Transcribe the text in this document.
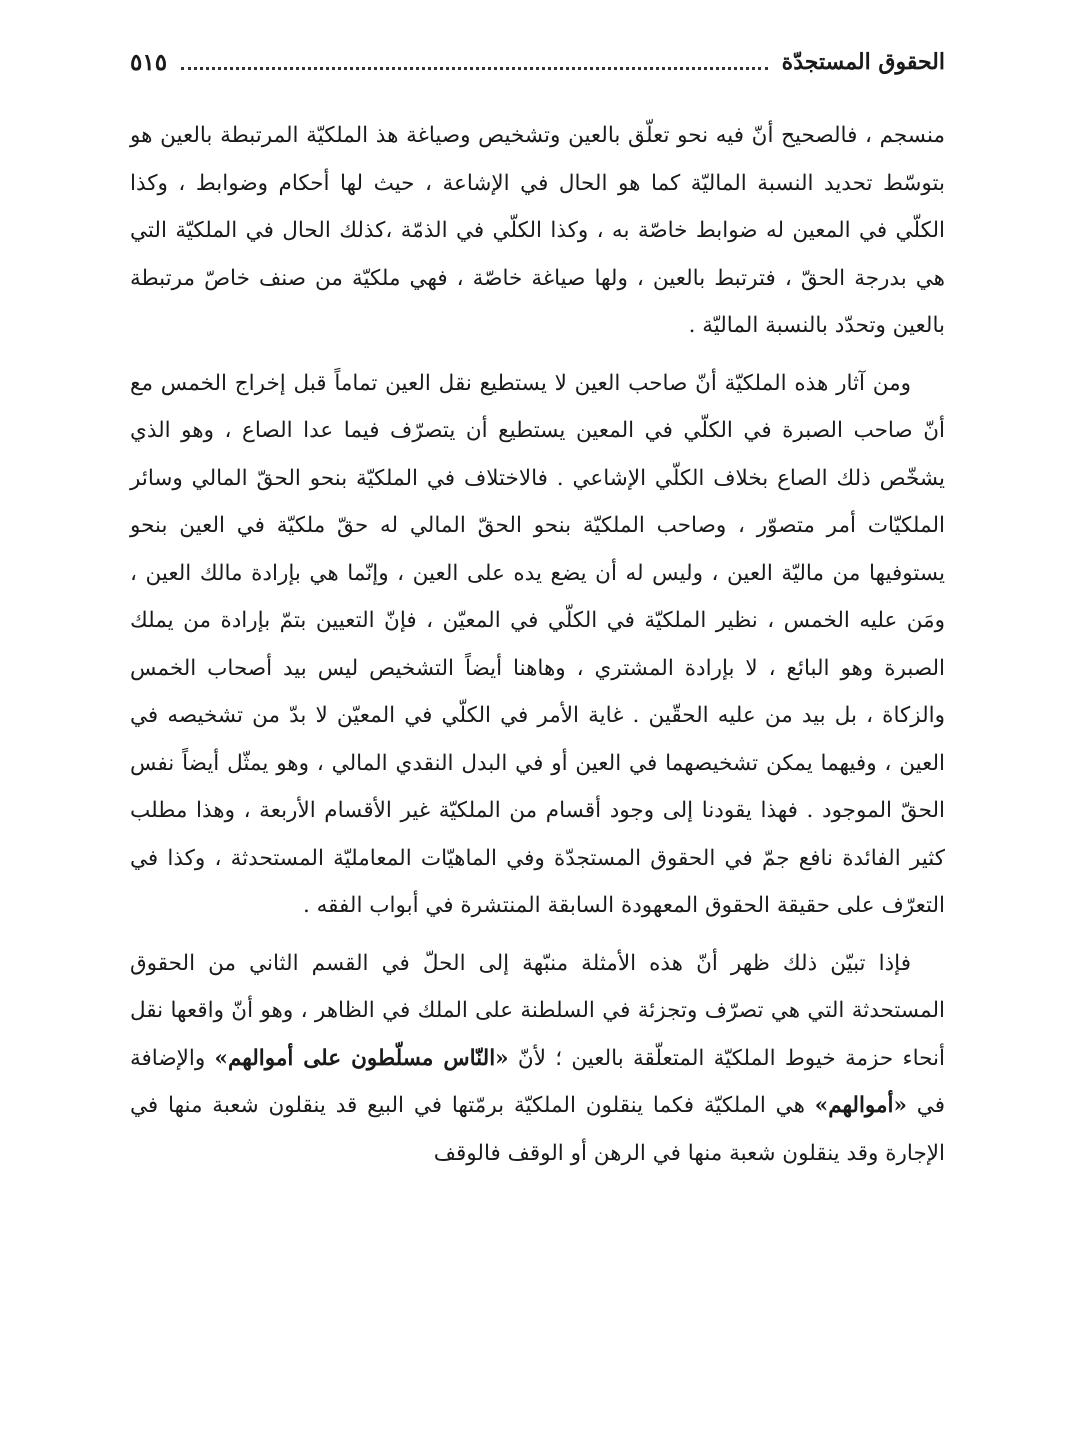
الحقوق المستجدّة
٥١٥

منسجم ، فالصحيح أنّ فيه نحو تعلّق بالعين وتشخيص وصياغة هذ الملكيّة المرتبطة بالعين هو بتوسّط تحديد النسبة الماليّة كما هو الحال في الإشاعة ، حيث لها أحكام وضوابط ، وكذا الكلّي في المعين له ضوابط خاصّة به ، وكذا الكلّي في الذمّة ،كذلك الحال في الملكيّة التي هي بدرجة الحقّ ، فترتبط بالعين ، ولها صياغة خاصّة ، فهي ملكيّة من صنف خاصّ مرتبطة بالعين وتحدّد بالنسبة الماليّة .

ومن آثار هذه الملكيّة أنّ صاحب العين لا يستطيع نقل العين تماماً قبل إخراج الخمس مع أنّ صاحب الصبرة في الكلّي في المعين يستطيع أن يتصرّف فيما عدا الصاع ، وهو الذي يشخّص ذلك الصاع بخلاف الكلّي الإشاعي . فالاختلاف في الملكيّة بنحو الحقّ المالي وسائر الملكيّات أمر متصوّر ، وصاحب الملكيّة بنحو الحقّ المالي له حقّ ملكيّة في العين بنحو يستوفيها من ماليّة العين ، وليس له أن يضع يده على العين ، وإنّما هي بإرادة مالك العين ، ومَن عليه الخمس ، نظير الملكيّة في الكلّي في المعيّن ، فإنّ التعيين بتمّ بإرادة من يملك الصبرة وهو البائع ، لا بإرادة المشتري ، وهاهنا أيضاً التشخيص ليس بيد أصحاب الخمس والزكاة ، بل بيد من عليه الحقّين . غاية الأمر في الكلّي في المعيّن لا بدّ من تشخيصه في العين ، وفيهما يمكن تشخيصهما في العين أو في البدل النقدي المالي ، وهو يمثّل أيضاً نفس الحقّ الموجود . فهذا يقودنا إلى وجود أقسام من الملكيّة غير الأقسام الأربعة ، وهذا مطلب كثير الفائدة نافع جمّ في الحقوق المستجدّة وفي الماهيّات المعامليّة المستحدثة ، وكذا في التعرّف على حقيقة الحقوق المعهودة السابقة المنتشرة في أبواب الفقه .

فإذا تبيّن ذلك ظهر أنّ هذه الأمثلة منبّهة إلى الحلّ في القسم الثاني من الحقوق المستحدثة التي هي تصرّف وتجزئة في السلطنة على الملك في الظاهر ، وهو أنّ واقعها نقل أنحاء حزمة خيوط الملكيّة المتعلّقة بالعين ؛ لأنّ «النّاس مسلّطون على أموالهم» والإضافة في «أموالهم» هي الملكيّة فكما ينقلون الملكيّة برمّتها في البيع قد ينقلون شعبة منها في الإجارة وقد ينقلون شعبة منها في الرهن أو الوقف فالوقف
